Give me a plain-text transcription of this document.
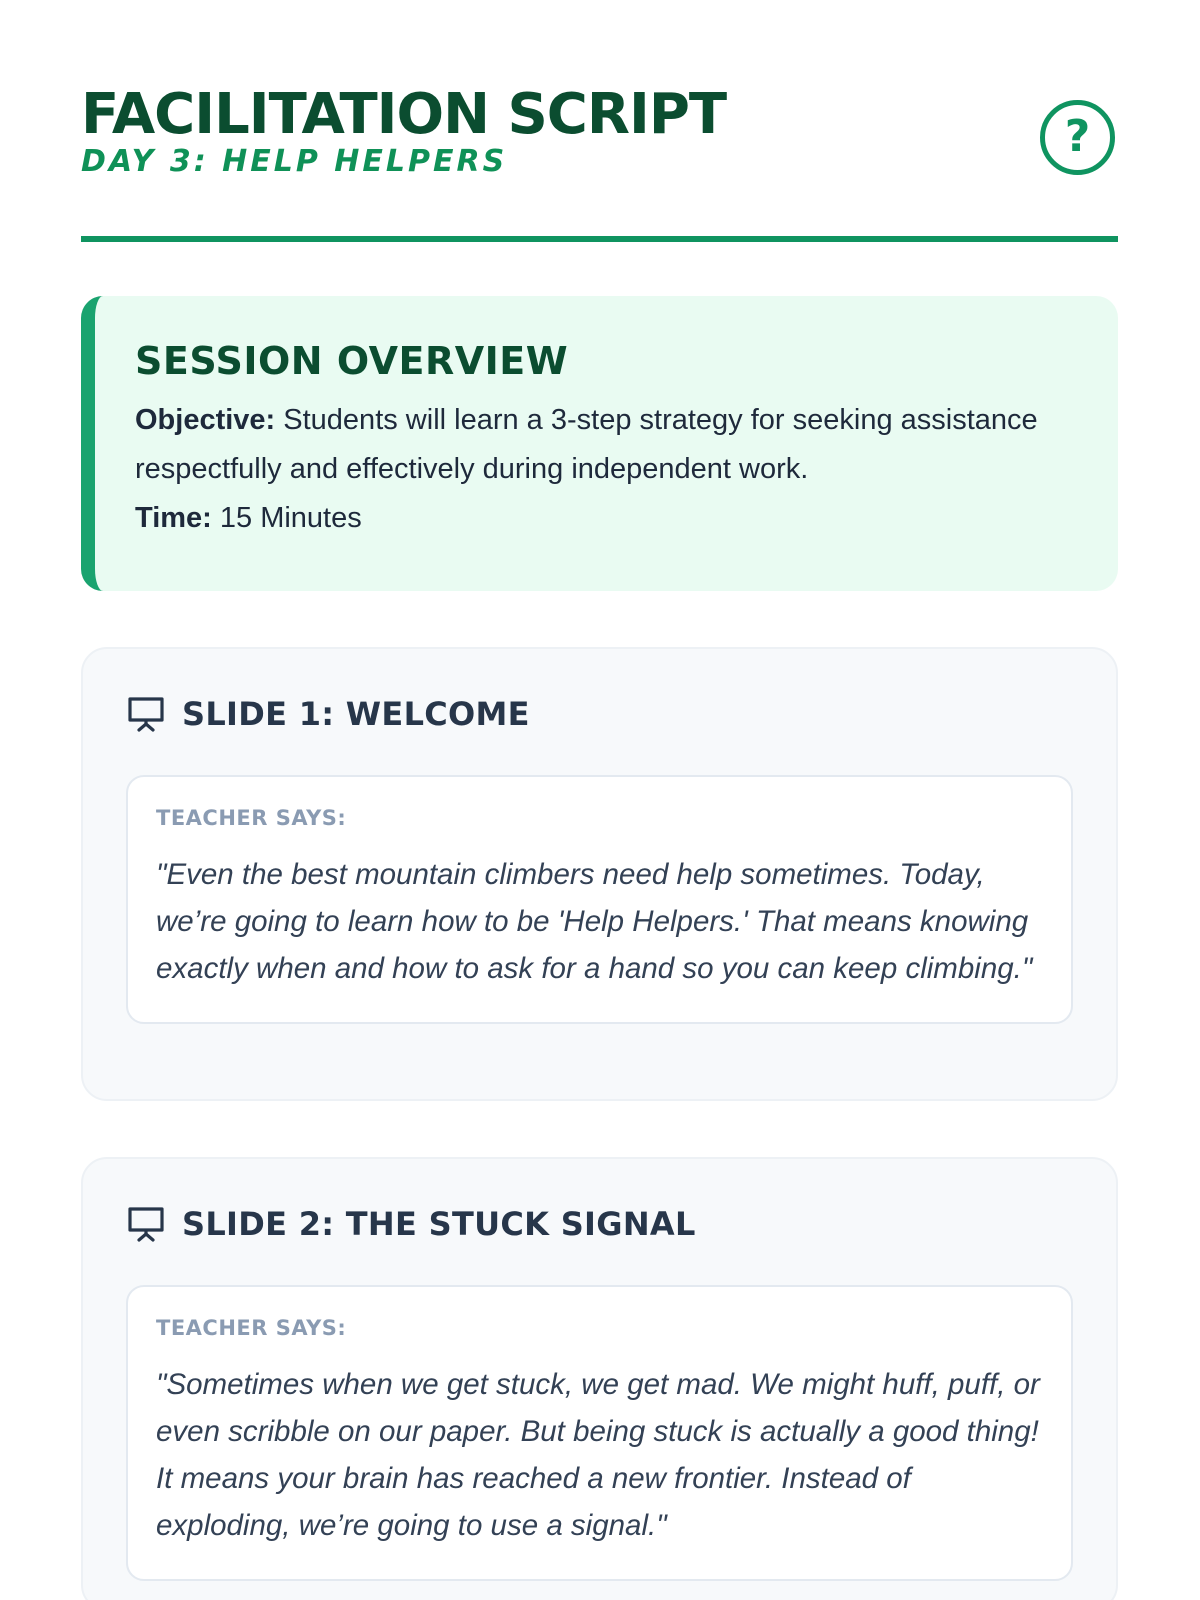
FACILITATION SCRIPT
DAY 3: HELP HELPERS	?
SESSION OVERVIEW

Objective: Students will learn a 3-step strategy for seeking assistance respectfully and effectively during independent work.

Time: 15 Minutes

SLIDE 1: WELCOME
TEACHER SAYS:
"Even the best mountain climbers need help sometimes. Today, we’re going to learn how to be 'Help Helpers.' That means knowing exactly when and how to ask for a hand so you can keep climbing."
SLIDE 2: THE STUCK SIGNAL
TEACHER SAYS:
"Sometimes when we get stuck, we get mad. We might huff, puff, or even scribble on our paper. But being stuck is actually a good thing! It means your brain has reached a new frontier. Instead of exploding, we’re going to use a signal."
